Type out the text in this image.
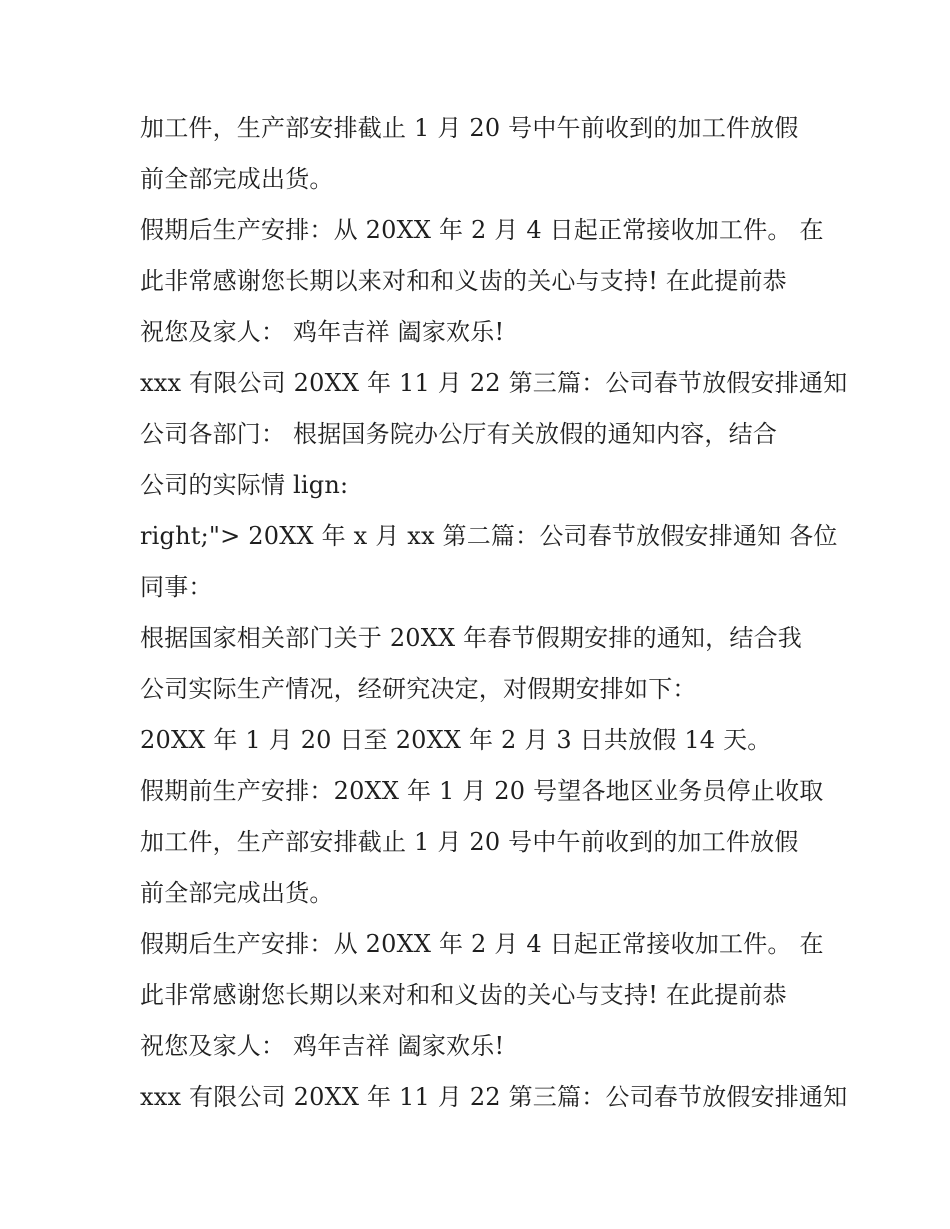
加工件，生产部安排截止 1 月 20 号中午前收到的加工件放假
前全部完成出货。
假期后生产安排：从 20XX 年 2 月 4 日起正常接收加工件。 在
此非常感谢您长期以来对和和义齿的关心与支持! 在此提前恭
祝您及家人： 鸡年吉祥 阖家欢乐!
xxx 有限公司 20XX 年 11 月 22 第三篇：公司春节放假安排通知
公司各部门： 根据国务院办公厅有关放假的通知内容，结合
公司的实际情 lign:
right;"> 20XX 年 x 月 xx 第二篇：公司春节放假安排通知 各位
同事：
根据国家相关部门关于 20XX 年春节假期安排的通知，结合我
公司实际生产情况，经研究决定，对假期安排如下：
20XX 年 1 月 20 日至 20XX 年 2 月 3 日共放假 14 天。
假期前生产安排：20XX 年 1 月 20 号望各地区业务员停止收取
加工件，生产部安排截止 1 月 20 号中午前收到的加工件放假
前全部完成出货。
假期后生产安排：从 20XX 年 2 月 4 日起正常接收加工件。 在
此非常感谢您长期以来对和和义齿的关心与支持! 在此提前恭
祝您及家人： 鸡年吉祥 阖家欢乐!
xxx 有限公司 20XX 年 11 月 22 第三篇：公司春节放假安排通知
